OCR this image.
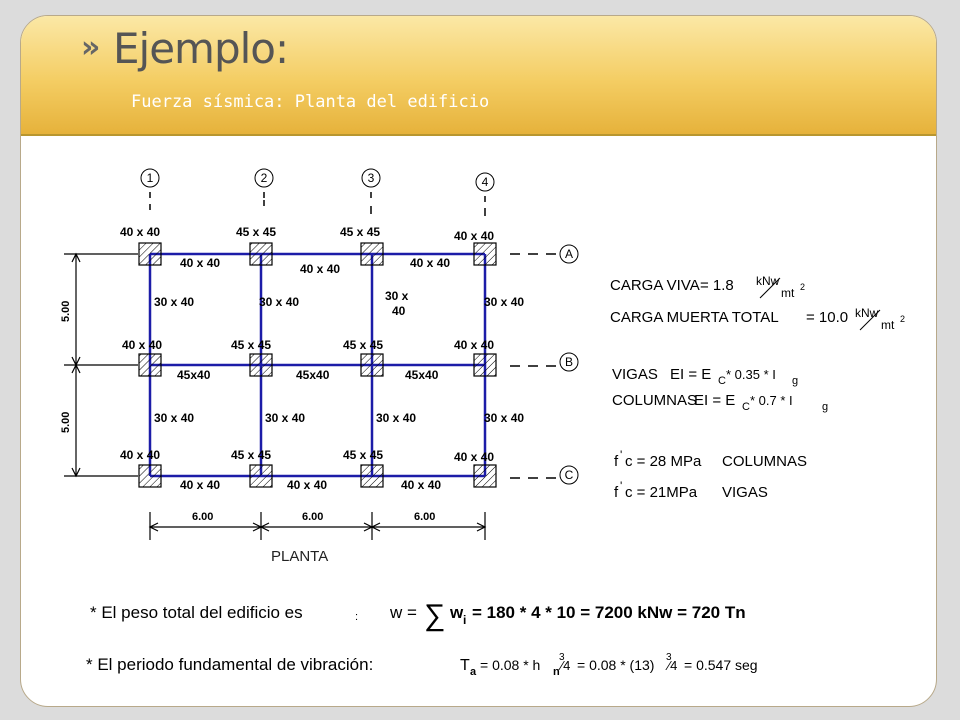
» Ejemplo:
Fuerza sísmica: Planta del edificio
1	2	3	4
A
B
C
40 x 40	45 x 45	45 x 45	40 x 40
40 x 40	40 x 40	40 x 40
30 x 40	30 x 40	30 x
40
30 x 40
40 x 40	45 x 45	45 x 45	40 x 40
45x40	45x40	45x40
30 x 40	30 x 40	30 x 40	30 x 40
40 x 40	45 x 45	45 x 45	40 x 40
40 x 40	40 x 40	40 x 40
5.00
5.00
6.00	6.00	6.00
PLANTA
CARGA VIVA = 1.8 kNw
mt 2
CARGA MUERTA TOTAL = 10.0 kNw
mt 2
VIGAS EI = E C * 0.35 * I g
COLUMNAS
EI = E C * 0.7 * I	g
f ' c = 28 MPa COLUMNAS
f ' c = 21MPa VIGAS
* El peso total del edificio es	: w = ∑ w i = 180 * 4 * 10 = 7200 kNw = 720 Tn
* El periodo fundamental de vibración:	T a = 0.08 * h n
3
⁄4 = 0.08 * (13) 3
⁄4 = 0.547 seg
